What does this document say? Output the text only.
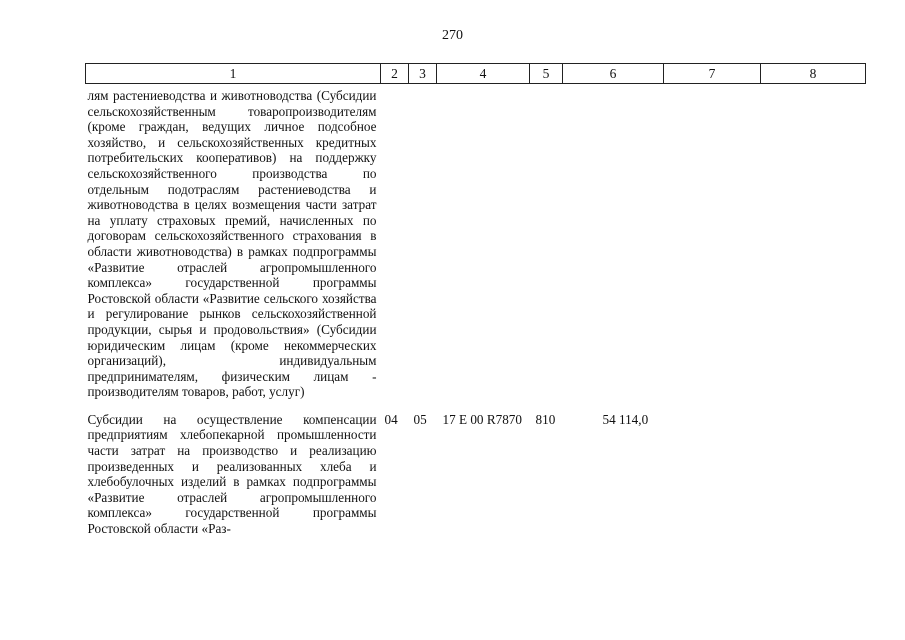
270
1	2	3	4	5	6	7	8
лям растениеводства и животноводства (Субсидии сельскохозяйственным товаропроизводителям (кроме граждан, ведущих личное подсобное хозяйство, и сельскохозяйственных кредитных потребительских кооперативов) на поддержку сельскохозяйственного производства по отдельным подотраслям растениеводства и животноводства в целях возмещения части затрат на уплату страховых премий, начисленных по договорам сельскохозяйственного страхования в области животноводства) в рамках подпрограммы «Развитие отраслей агропромышленного комплекса» государственной программы Ростовской области «Развитие сельского хозяйства и регулирование рынков сельскохозяйственной продукции, сырья и продовольствия» (Субсидии юридическим лицам (кроме некоммерческих организаций), индивидуальным предпринимателям, физическим лицам - производителям товаров, работ, услуг)							
Субсидии на осуществление компенсации предприятиям хлебопекарной промышленности части затрат на производство и реализацию произведенных и реализованных хлеба и хлебобулочных изделий в рамках подпрограммы «Развитие отраслей агропромышленного комплекса» государственной программы Ростовской области «Раз-	04	05	17 Е 00 R7870	810	54 114,0		
